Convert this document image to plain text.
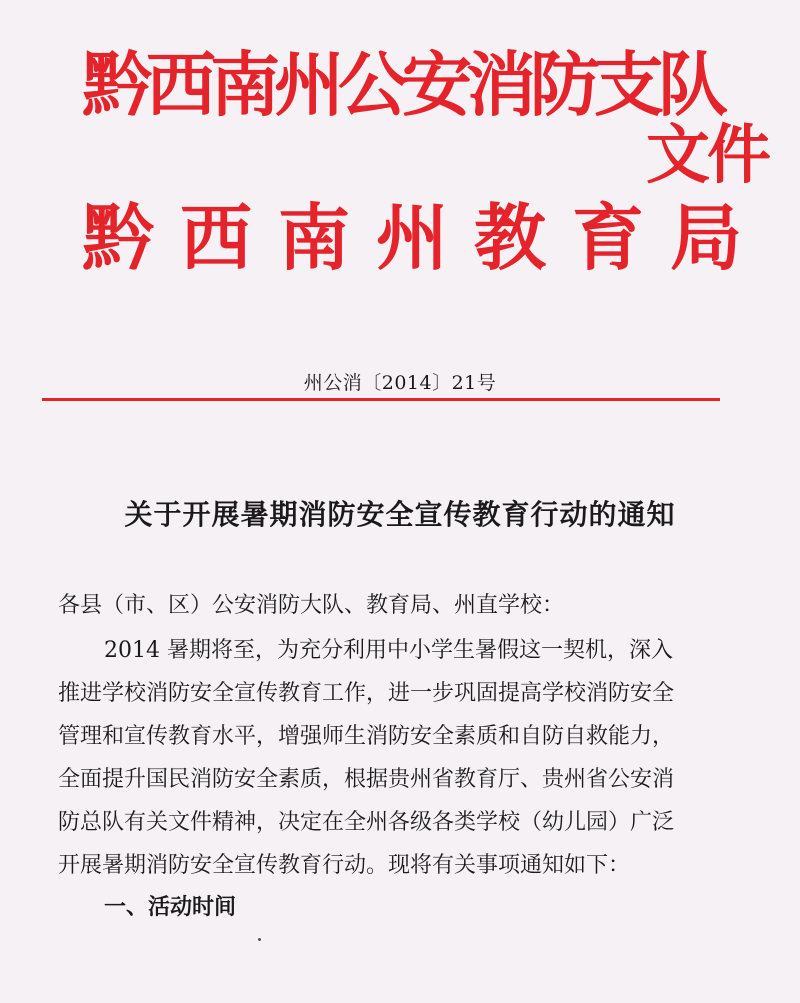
黔西南州公安消防支队
黔西南州教育局
文件
州公消〔2014〕21号
关于开展暑期消防安全宣传教育行动的通知
各县（市、区）公安消防大队、教育局、州直学校：
2014 暑期将至，为充分利用中小学生暑假这一契机，深入
推进学校消防安全宣传教育工作，进一步巩固提高学校消防安全
管理和宣传教育水平，增强师生消防安全素质和自防自救能力，
全面提升国民消防安全素质，根据贵州省教育厅、贵州省公安消
防总队有关文件精神，决定在全州各级各类学校（幼儿园）广泛
开展暑期消防安全宣传教育行动。现将有关事项通知如下：
一、活动时间
